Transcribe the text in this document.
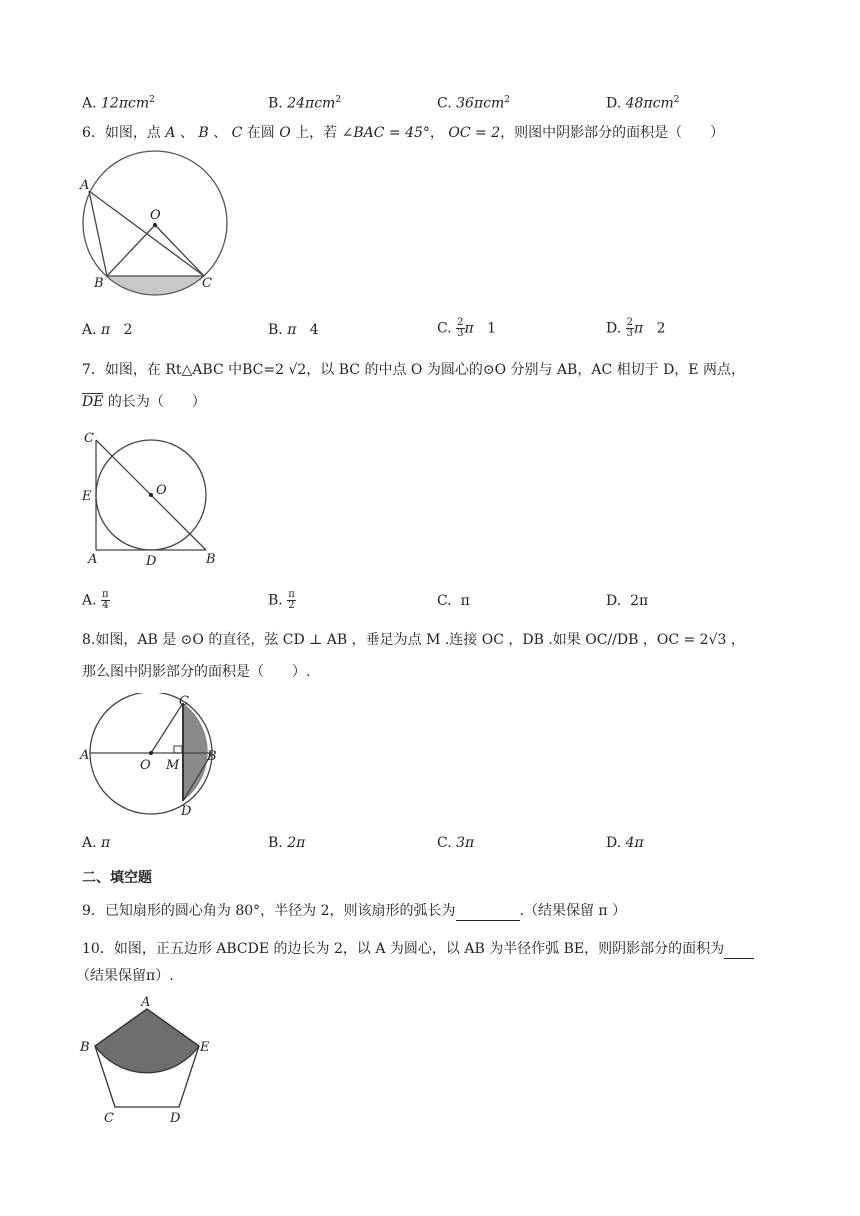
A. 12πcm$^2$	B. 24πcm$^2$	C. 36πcm$^2$	D. 48πcm$^2$
6．如图，点 A 、 B 、 C 在圆 O 上，若 ∠BAC = 45°， OC = 2，则图中阴影部分的面积是（　　）
A
O
B	C
A. π 2	B. π 4	C. $\frac{2}{3}$ π 1	D. $\frac{2}{3}$ π 2
7．如图，在 Rt△ABC 中BC=2 √2，以 BC 的中点 O 为圆心的⊙O 分别与 AB，AC 相切于 D，E 两点，
DE 的长为（　　）
C
E	O
A	D	B
A. $\frac{\pi}{4}$	B. $\frac{\pi}{2}$	C. π	D. 2π
8.如图，AB 是 ⊙O 的直径，弦 CD ⊥ AB ，垂足为点 M .连接 OC ，DB .如果 OC//DB ，OC = 2√3 ，
那么图中阴影部分的面积是（　　）.
A
O M
C
B
D
A. π	B. 2π	C. 3π	D. 4π
二、填空题
9．已知扇形的圆心角为 80°，半径为 2，则该扇形的弧长为	.（结果保留 π ）
10．如图，正五边形 ABCDE 的边长为 2，以 A 为圆心，以 AB 为半径作弧 BE，则阴影部分的面积为
（结果保留π）.
A
B	E
C	D
